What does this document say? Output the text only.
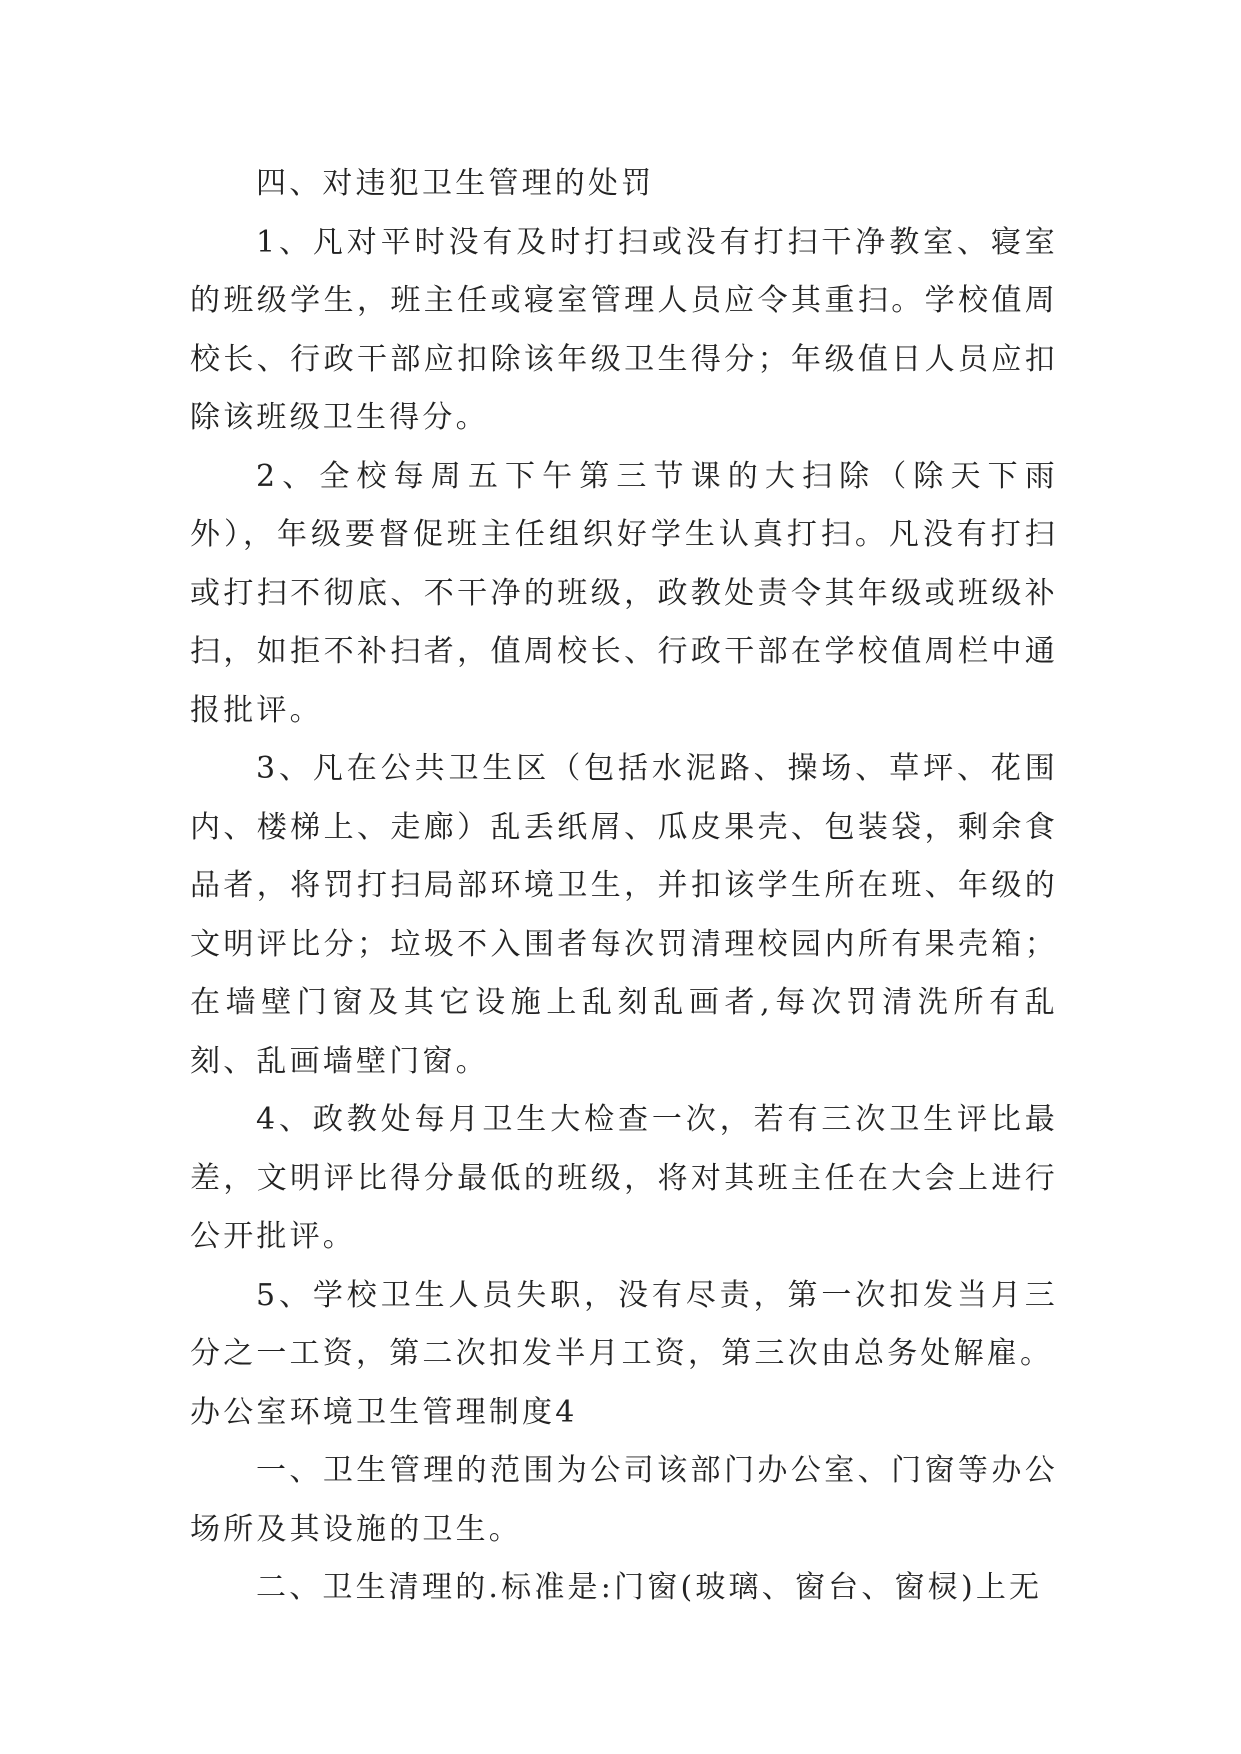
四、对违犯卫生管理的处罚

1、凡对平时没有及时打扫或没有打扫干净教室、寝室的班级学生，班主任或寝室管理人员应令其重扫。学校值周校长、行政干部应扣除该年级卫生得分；年级值日人员应扣除该班级卫生得分。

2、全校每周五下午第三节课的大扫除（除天下雨外），年级要督促班主任组织好学生认真打扫。凡没有打扫或打扫不彻底、不干净的班级，政教处责令其年级或班级补扫，如拒不补扫者，值周校长、行政干部在学校值周栏中通报批评。

3、凡在公共卫生区（包括水泥路、操场、草坪、花围内、楼梯上、走廊）乱丢纸屑、瓜皮果壳、包装袋，剩余食品者，将罚打扫局部环境卫生，并扣该学生所在班、年级的文明评比分；垃圾不入围者每次罚清理校园内所有果壳箱；在墙壁门窗及其它设施上乱刻乱画者,每次罚清洗所有乱刻、乱画墙壁门窗。

4、政教处每月卫生大检查一次，若有三次卫生评比最差，文明评比得分最低的班级，将对其班主任在大会上进行公开批评。

5、学校卫生人员失职，没有尽责，第一次扣发当月三分之一工资，第二次扣发半月工资，第三次由总务处解雇。

办公室环境卫生管理制度4

一、卫生管理的范围为公司该部门办公室、门窗等办公场所及其设施的卫生。

二、卫生清理的.标准是:门窗(玻璃、窗台、窗棂)上无
